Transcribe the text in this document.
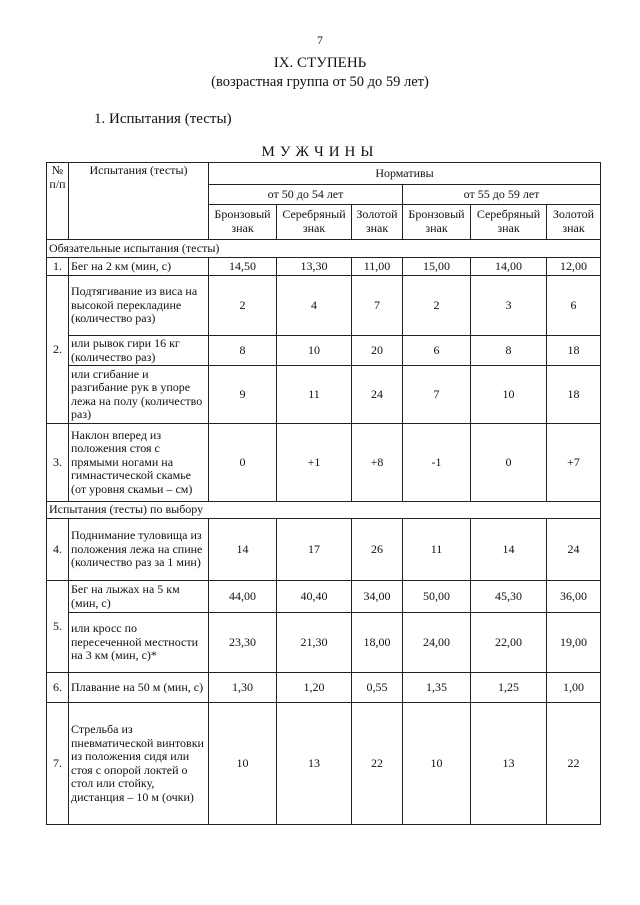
7
IX. СТУПЕНЬ
(возрастная группа от 50 до 59 лет)
1. Испытания (тесты)
МУЖЧИНЫ
№ п/п	Испытания (тесты)	Нормативы					
		от 50 до 54 лет			от 55 до 59 лет		
		Бронзовый знак	Серебряный знак	Золотой знак	Бронзовый знак	Серебряный знак	Золотой знак
Обязательные испытания (тесты)							
1.	Бег на 2 км (мин, с)	14,50	13,30	11,00	15,00	14,00	12,00
2.	Подтягивание из виса на высокой перекладине (количество раз)	2	4	7	2	3	6
	или рывок гири 16 кг (количество раз)	8	10	20	6	8	18
	или сгибание и разгибание рук в упоре лежа на полу (количество раз)	9	11	24	7	10	18
3.	Наклон вперед из положения стоя с прямыми ногами на гимнастической скамье (от уровня скамьи – см)	0	+1	+8	-1	0	+7
Испытания (тесты) по выбору							
4.	Поднимание туловища из положения лежа на спине (количество раз за 1 мин)	14	17	26	11	14	24
5.	Бег на лыжах на 5 км (мин, с)	44,00	40,40	34,00	50,00	45,30	36,00
	или кросс по пересеченной местности на 3 км (мин, с)*	23,30	21,30	18,00	24,00	22,00	19,00
6.	Плавание на 50 м (мин, с)	1,30	1,20	0,55	1,35	1,25	1,00
7.	Стрельба из пневматической винтовки из положения сидя или стоя с опорой локтей о стол или стойку, дистанция – 10 м (очки)	10	13	22	10	13	22
